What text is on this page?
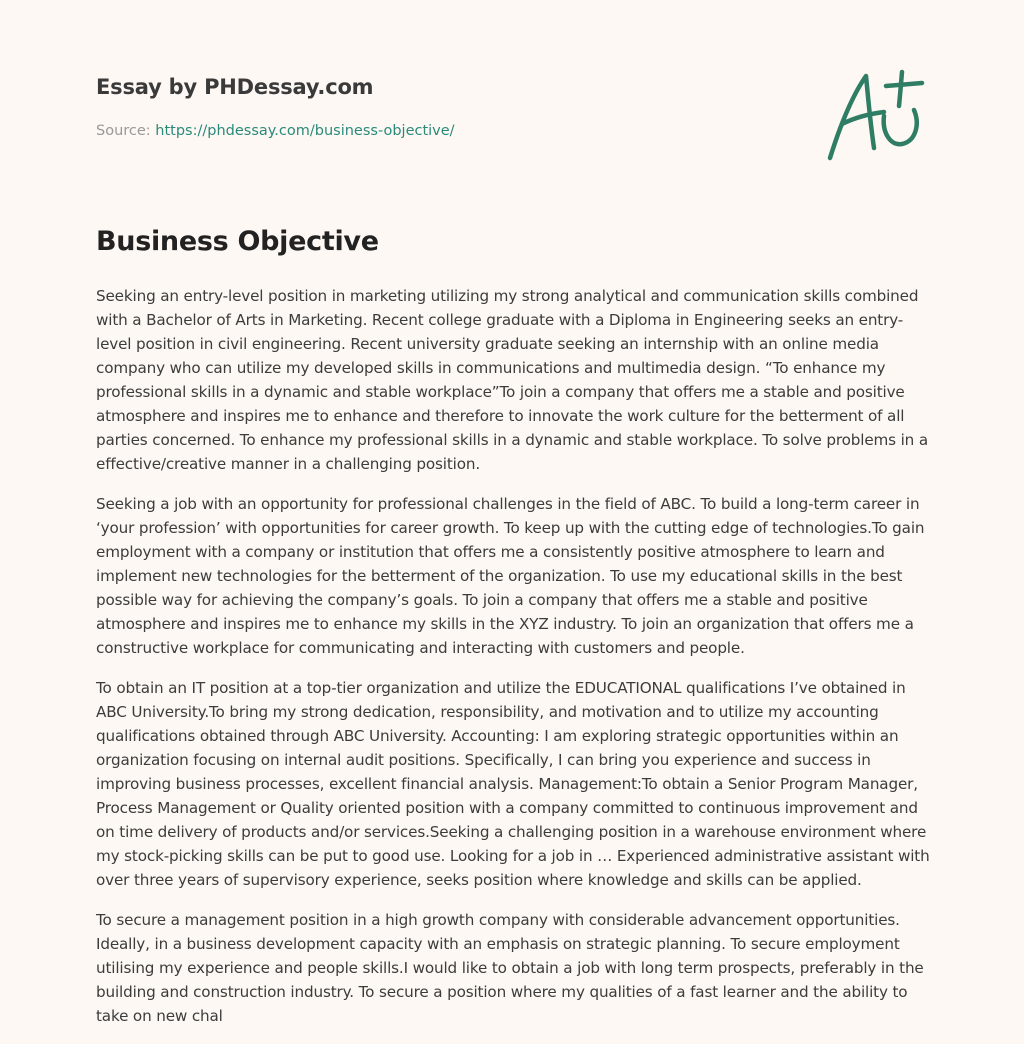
Essay by PHDessay.com
Source: https://phdessay.com/business-objective/
Business Objective

Seeking an entry-level position in marketing utilizing my strong analytical and communication skills combined with a Bachelor of Arts in Marketing. Recent college graduate with a Diploma in Engineering seeks an entry-level position in civil engineering. Recent university graduate seeking an internship with an online media company who can utilize my developed skills in communications and multimedia design. “To enhance my professional skills in a dynamic and stable workplace”To join a company that offers me a stable and positive atmosphere and inspires me to enhance and therefore to innovate the work culture for the betterment of all parties concerned. To enhance my professional skills in a dynamic and stable workplace. To solve problems in a effective/creative manner in a challenging position.

Seeking a job with an opportunity for professional challenges in the field of ABC. To build a long-term career in ‘your profession’ with opportunities for career growth. To keep up with the cutting edge of technologies.To gain employment with a company or institution that offers me a consistently positive atmosphere to learn and implement new technologies for the betterment of the organization. To use my educational skills in the best possible way for achieving the company’s goals. To join a company that offers me a stable and positive atmosphere and inspires me to enhance my skills in the XYZ industry. To join an organization that offers me a constructive workplace for communicating and interacting with customers and people.

To obtain an IT position at a top-tier organization and utilize the EDUCATIONAL qualifications I’ve obtained in ABC University.To bring my strong dedication, responsibility, and motivation and to utilize my accounting qualifications obtained through ABC University. Accounting: I am exploring strategic opportunities within an organization focusing on internal audit positions. Specifically, I can bring you experience and success in improving business processes, excellent financial analysis. Management:To obtain a Senior Program Manager, Process Management or Quality oriented position with a company committed to continuous improvement and on time delivery of products and/or services.Seeking a challenging position in a warehouse environment where my stock-picking skills can be put to good use. Looking for a job in … Experienced administrative assistant with over three years of supervisory experience, seeks position where knowledge and skills can be applied.

To secure a management position in a high growth company with considerable advancement opportunities. Ideally, in a business development capacity with an emphasis on strategic planning. To secure employment utilising my experience and people skills.I would like to obtain a job with long term prospects, preferably in the building and construction industry. To secure a position where my qualities of a fast learner and the ability to take on new chal
